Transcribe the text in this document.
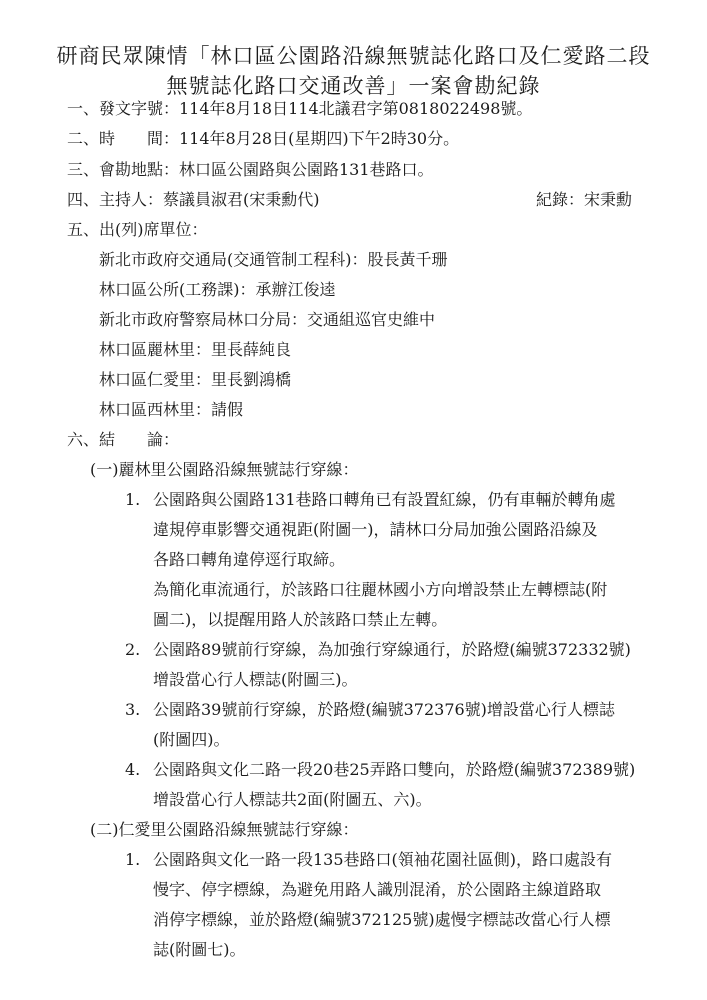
研商民眾陳情「林口區公園路沿線無號誌化路口及仁愛路二段
無號誌化路口交通改善」一案會勘紀錄
一、發文字號：114年8月18日114北議君字第0818022498號。
二、時　　間：114年8月28日(星期四)下午2時30分。
三、會勘地點：林口區公園路與公園路131巷路口。
四、主持人：蔡議員淑君(宋秉勳代)	紀錄：宋秉勳
五、出(列)席單位：
新北市政府交通局(交通管制工程科)：股長黃千珊
林口區公所(工務課)：承辦江俊逵
新北市政府警察局林口分局：交通組巡官史維中
林口區麗林里：里長薛純良
林口區仁愛里：里長劉鴻橋
林口區西林里：請假
六、結　　論：
(一)麗林里公園路沿線無號誌行穿線：
1. 公園路與公園路131巷路口轉角已有設置紅線，仍有車輛於轉角處
違規停車影響交通視距(附圖一)，請林口分局加強公園路沿線及
各路口轉角違停逕行取締。
為簡化車流通行，於該路口往麗林國小方向增設禁止左轉標誌(附
圖二)，以提醒用路人於該路口禁止左轉。
2. 公園路89號前行穿線，為加強行穿線通行，於路燈(編號372332號)
增設當心行人標誌(附圖三)。
3. 公園路39號前行穿線，於路燈(編號372376號)增設當心行人標誌
(附圖四)。
4. 公園路與文化二路一段20巷25弄路口雙向，於路燈(編號372389號)
增設當心行人標誌共2面(附圖五、六)。
(二)仁愛里公園路沿線無號誌行穿線：
1. 公園路與文化一路一段135巷路口(領袖花園社區側)，路口處設有
慢字、停字標線，為避免用路人識別混淆，於公園路主線道路取
消停字標線，並於路燈(編號372125號)處慢字標誌改當心行人標
誌(附圖七)。
